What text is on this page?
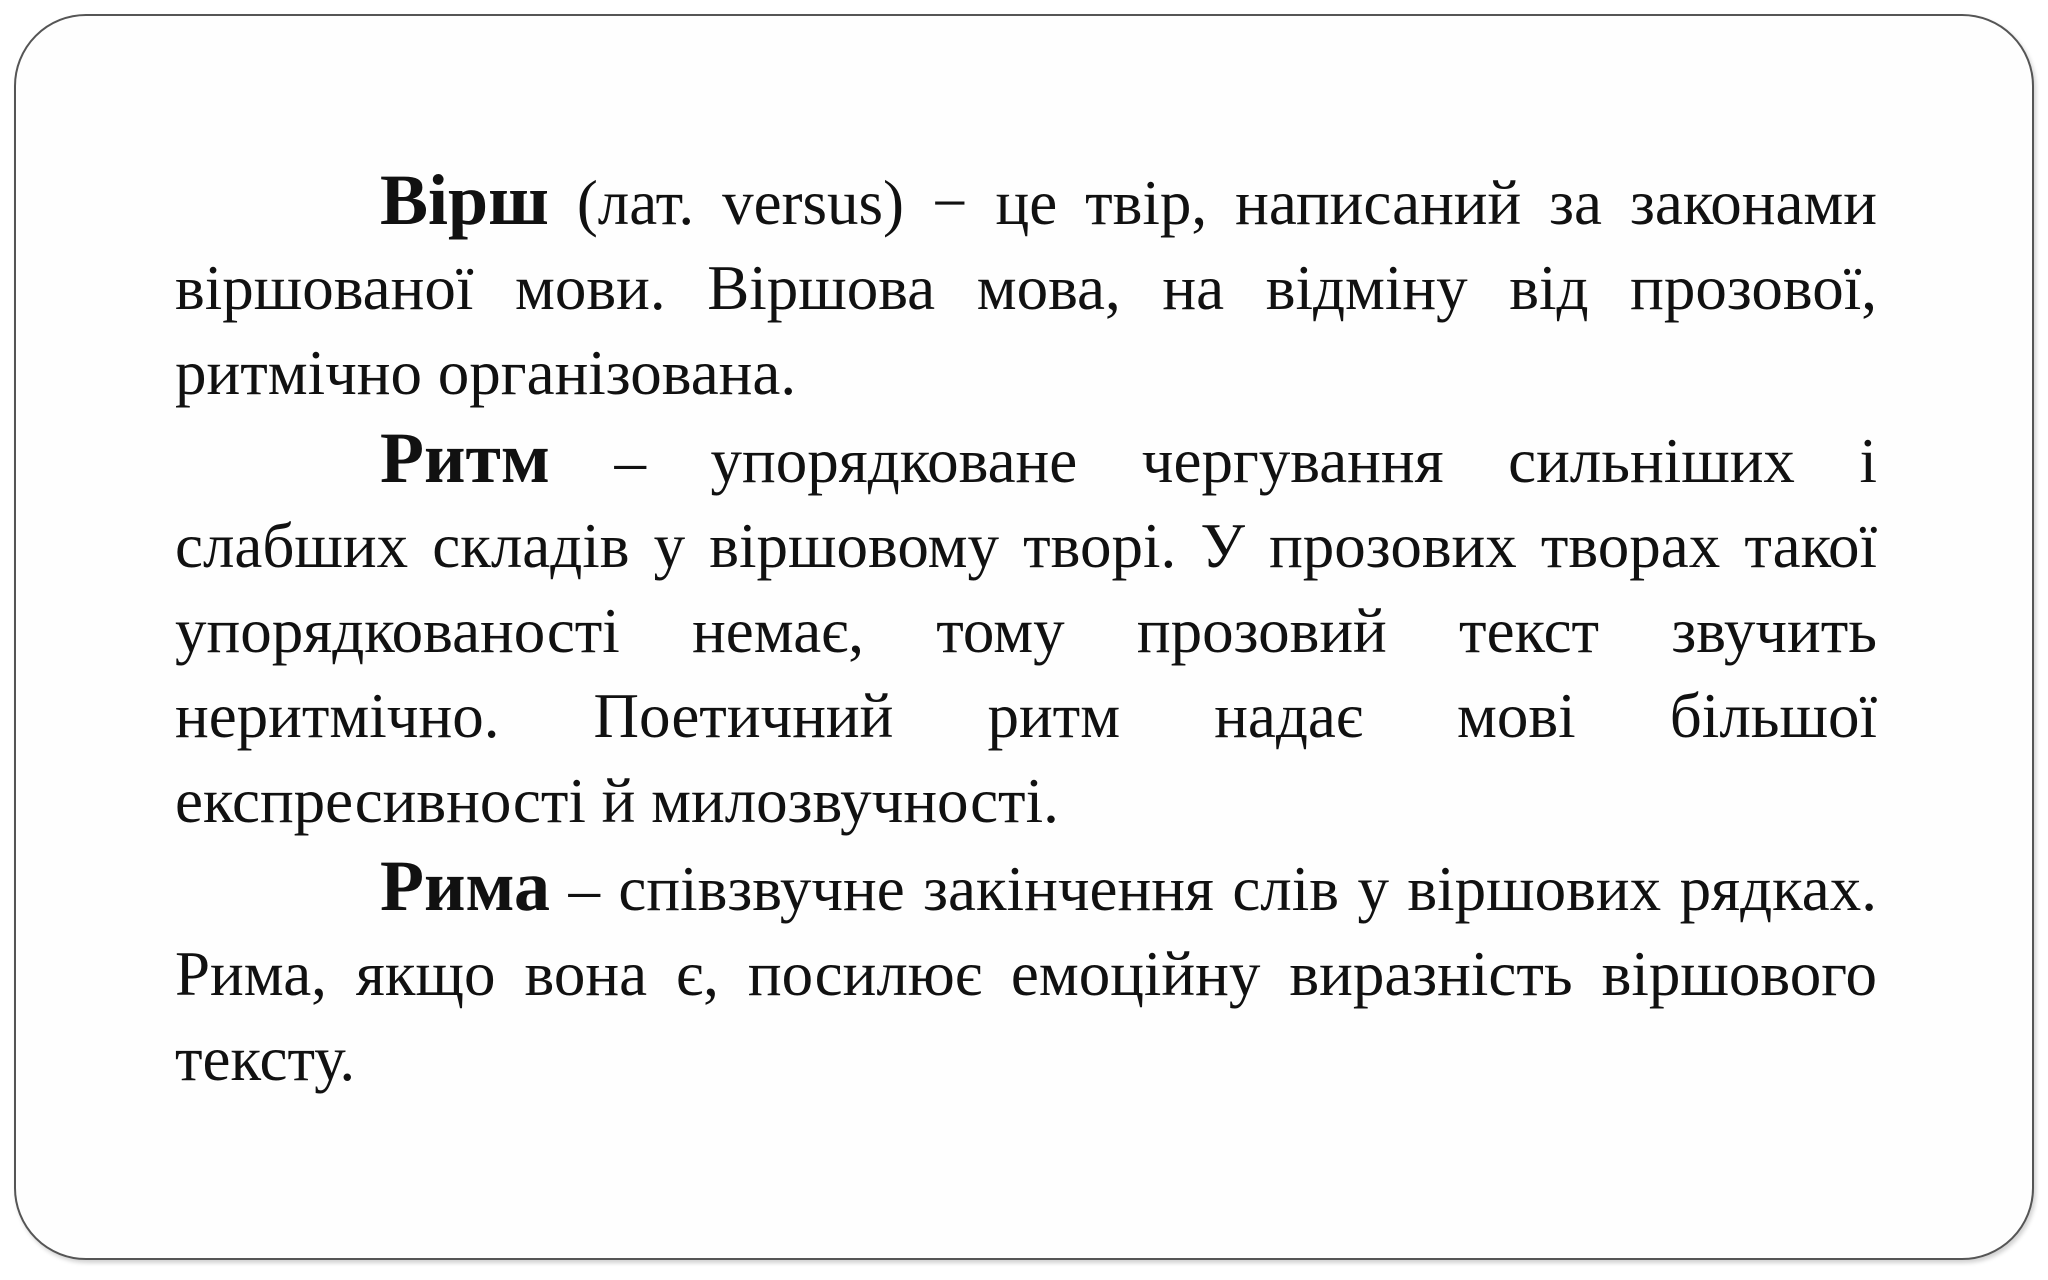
Вірш (лат. versus) − це твір, написаний за законами віршованої мови. Віршова мова, на відміну від прозової, ритмічно організована.

Ритм – упорядковане чергування сильніших і слабших складів у віршовому творі. У прозових творах такої упорядкованості немає, тому прозовий текст звучить неритмічно. Поетичний ритм надає мові більшої експресивності й милозвучності.

Рима – співзвучне закінчення слів у віршових рядках. Рима, якщо вона є, посилює емоційну виразність віршового тексту.
